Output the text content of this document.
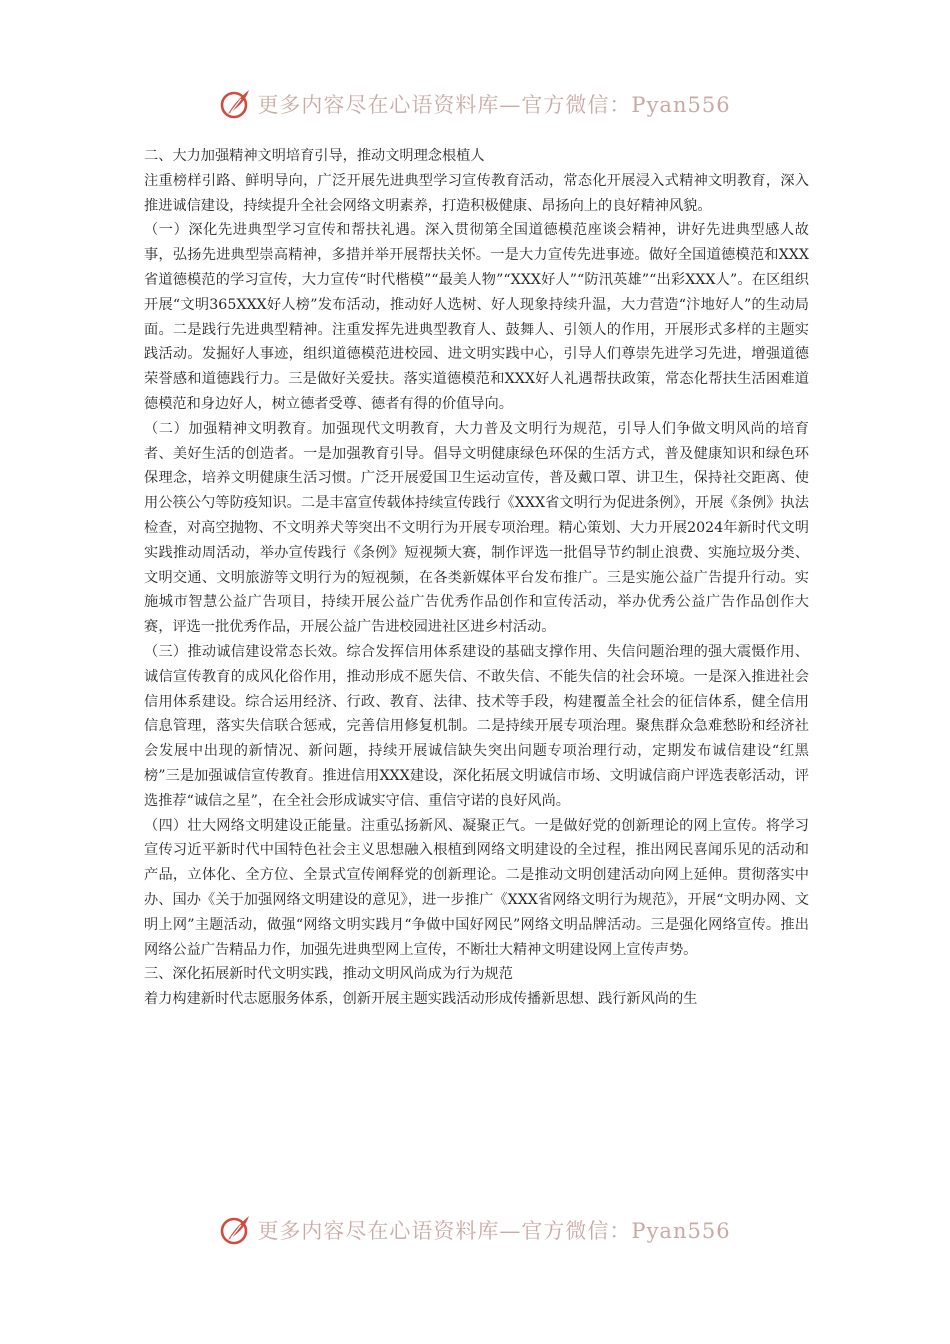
更多内容尽在心语资料库—官方微信：Pyan556

二、大力加强精神文明培育引导，推动文明理念根植人

注重榜样引路、鲜明导向，广泛开展先进典型学习宣传教育活动，常态化开展浸入式精神文明教育，深入推进诚信建设，持续提升全社会网络文明素养，打造积极健康、昂扬向上的良好精神风貌。

（一）深化先进典型学习宣传和帮扶礼遇。深入贯彻第全国道德模范座谈会精神，讲好先进典型感人故事，弘扬先进典型崇高精神，多措并举开展帮扶关怀。一是大力宣传先进事迹。做好全国道德模范和XXX省道德模范的学习宣传，大力宣传“时代楷模”“最美人物”“XXX好人”“防汛英雄”“出彩XXX人”。在区组织开展“文明365XXX好人榜”发布活动，推动好人选树、好人现象持续升温，大力营造“汴地好人”的生动局面。二是践行先进典型精神。注重发挥先进典型教育人、鼓舞人、引领人的作用，开展形式多样的主题实践活动。发掘好人事迹，组织道德模范进校园、进文明实践中心，引导人们尊崇先进学习先进，增强道德荣誉感和道德践行力。三是做好关爱扶。落实道德模范和XXX好人礼遇帮扶政策，常态化帮扶生活困难道德模范和身边好人，树立德者受尊、德者有得的价值导向。

（二）加强精神文明教育。加强现代文明教育，大力普及文明行为规范，引导人们争做文明风尚的培育者、美好生活的创造者。一是加强教育引导。倡导文明健康绿色环保的生活方式，普及健康知识和绿色环保理念，培养文明健康生活习惯。广泛开展爱国卫生运动宣传，普及戴口罩、讲卫生，保持社交距离、使用公筷公勺等防疫知识。二是丰富宣传载体持续宣传践行《XXX省文明行为促进条例》，开展《条例》执法检查，对高空抛物、不文明养犬等突出不文明行为开展专项治理。精心策划、大力开展2024年新时代文明实践推动周活动，举办宣传践行《条例》短视频大赛，制作评选一批倡导节约制止浪费、实施垃圾分类、文明交通、文明旅游等文明行为的短视频，在各类新媒体平台发布推广。三是实施公益广告提升行动。实施城市智慧公益广告项目，持续开展公益广告优秀作品创作和宣传活动，举办优秀公益广告作品创作大赛，评选一批优秀作品，开展公益广告进校园进社区进乡村活动。

（三）推动诚信建设常态长效。综合发挥信用体系建设的基础支撑作用、失信问题治理的强大震慑作用、诚信宣传教育的成风化俗作用，推动形成不愿失信、不敢失信、不能失信的社会环境。一是深入推进社会信用体系建设。综合运用经济、行政、教育、法律、技术等手段，构建覆盖全社会的征信体系，健全信用信息管理，落实失信联合惩戒，完善信用修复机制。二是持续开展专项治理。聚焦群众急难愁盼和经济社会发展中出现的新情况、新问题，持续开展诚信缺失突出问题专项治理行动，定期发布诚信建设“红黑榜”三是加强诚信宣传教育。推进信用XXX建设，深化拓展文明诚信市场、文明诚信商户评选表彰活动，评选推荐“诚信之星”，在全社会形成诚实守信、重信守诺的良好风尚。

（四）壮大网络文明建设正能量。注重弘扬新风、凝聚正气。一是做好党的创新理论的网上宣传。将学习宣传习近平新时代中国特色社会主义思想融入根植到网络文明建设的全过程，推出网民喜闻乐见的活动和产品，立体化、全方位、全景式宣传阐释党的创新理论。二是推动文明创建活动向网上延伸。贯彻落实中办、国办《关于加强网络文明建设的意见》，进一步推广《XXX省网络文明行为规范》，开展“文明办网、文明上网”主题活动，做强“网络文明实践月“争做中国好网民”网络文明品牌活动。三是强化网络宣传。推出网络公益广告精品力作，加强先进典型网上宣传，不断壮大精神文明建设网上宣传声势。

三、深化拓展新时代文明实践，推动文明风尚成为行为规范

着力构建新时代志愿服务体系，创新开展主题实践活动形成传播新思想、践行新风尚的生

更多内容尽在心语资料库—官方微信：Pyan556
